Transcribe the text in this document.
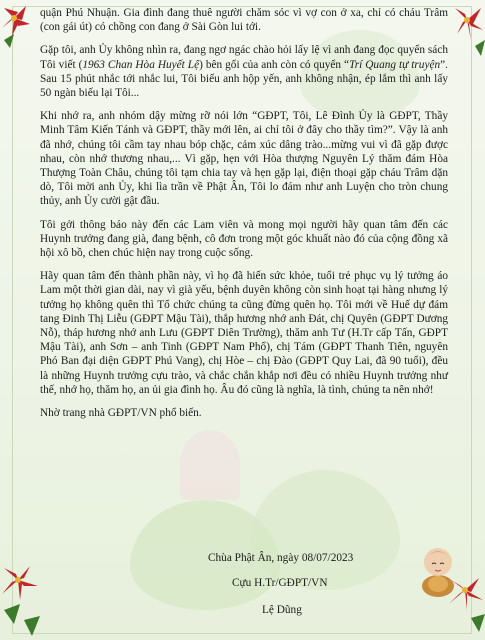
quận Phú Nhuận. Gia đình đang thuê người chăm sóc vì vợ con ở xa, chỉ có cháu Trâm (con gái út) có chồng con đang ở Sài Gòn lui tới.

Gặp tôi, anh Ủy không nhìn ra, đang ngơ ngác chào hỏi lấy lệ vì anh đang đọc quyển sách Tôi viết (1963 Chan Hòa Huyết Lệ) bên gối của anh còn có quyển “Trí Quang tự truyện”. Sau 15 phút nhắc tới nhắc lui, Tôi biếu anh hộp yến, anh không nhận, ép lắm thì anh lấy 50 ngàn biếu lại Tôi...

Khi nhớ ra, anh nhóm dậy mừng rỡ nói lớn “GĐPT, Tôi, Lê Đình Ủy là GĐPT, Thầy Minh Tâm Kiến Tánh và GĐPT, thầy mới lên, ai chỉ tôi ở đây cho thầy tìm?”. Vậy là anh đã nhớ, chúng tôi cầm tay nhau bóp chặc, cảm xúc dâng trào...mừng vui vì đã gặp được nhau, còn nhớ thương nhau,... Vì gặp, hẹn với Hòa thượng Nguyên Lý thăm đám Hòa Thượng Toàn Châu, chúng tôi tạm chia tay và hẹn gặp lại, điện thoại gặp cháu Trâm dặn dò, Tôi mời anh Ủy, khi lìa trần về Phật Ân, Tôi lo đám như anh Luyện cho tròn chung thủy, anh Ủy cười gật đầu.

Tôi gởi thông báo này đến các Lam viên và mong mọi người hãy quan tâm đến các Huynh trưởng đang già, đang bệnh, cô đơn trong một góc khuất nào đó của cộng đồng xã hội xô bồ, chen chúc hiện nay trong cuộc sống.

Hãy quan tâm đến thành phần này, vì họ đã hiến sức khỏe, tuổi trẻ phục vụ lý tưởng áo Lam một thời gian dài, nay vì già yếu, bệnh duyên không còn sinh hoạt tại hàng nhưng lý tưởng họ không quên thì Tổ chức chúng ta cũng đừng quên họ. Tôi mới về Huế dự đám tang Đinh Thị Liễu (GĐPT Mậu Tài), thắp hương nhớ anh Đát, chị Quyên (GĐPT Dương Nỗ), tháp hương nhớ anh Lưu (GĐPT Diên Trường), thăm anh Tư (H.Tr cấp Tấn, GĐPT Mậu Tài), anh Sơn – anh Tinh (GĐPT Nam Phổ), chị Tám (GĐPT Thanh Tiên, nguyên Phó Ban đại diện GĐPT Phú Vang), chị Hòe – chị Đào (GĐPT Quy Lai, đã 90 tuổi), đều là những Huynh trưởng cựu trào, và chắc chắn khắp nơi đều có nhiều Huynh trưởng như thế, nhớ họ, thăm họ, an ủi gia đình họ. Âu đó cũng là nghĩa, là tình, chúng ta nên nhớ!

Nhờ trang nhà GĐPT/VN phổ biến.

Chùa Phật Ân, ngày 08/07/2023
Cựu H.Tr/GĐPT/VN
Lệ Dũng
